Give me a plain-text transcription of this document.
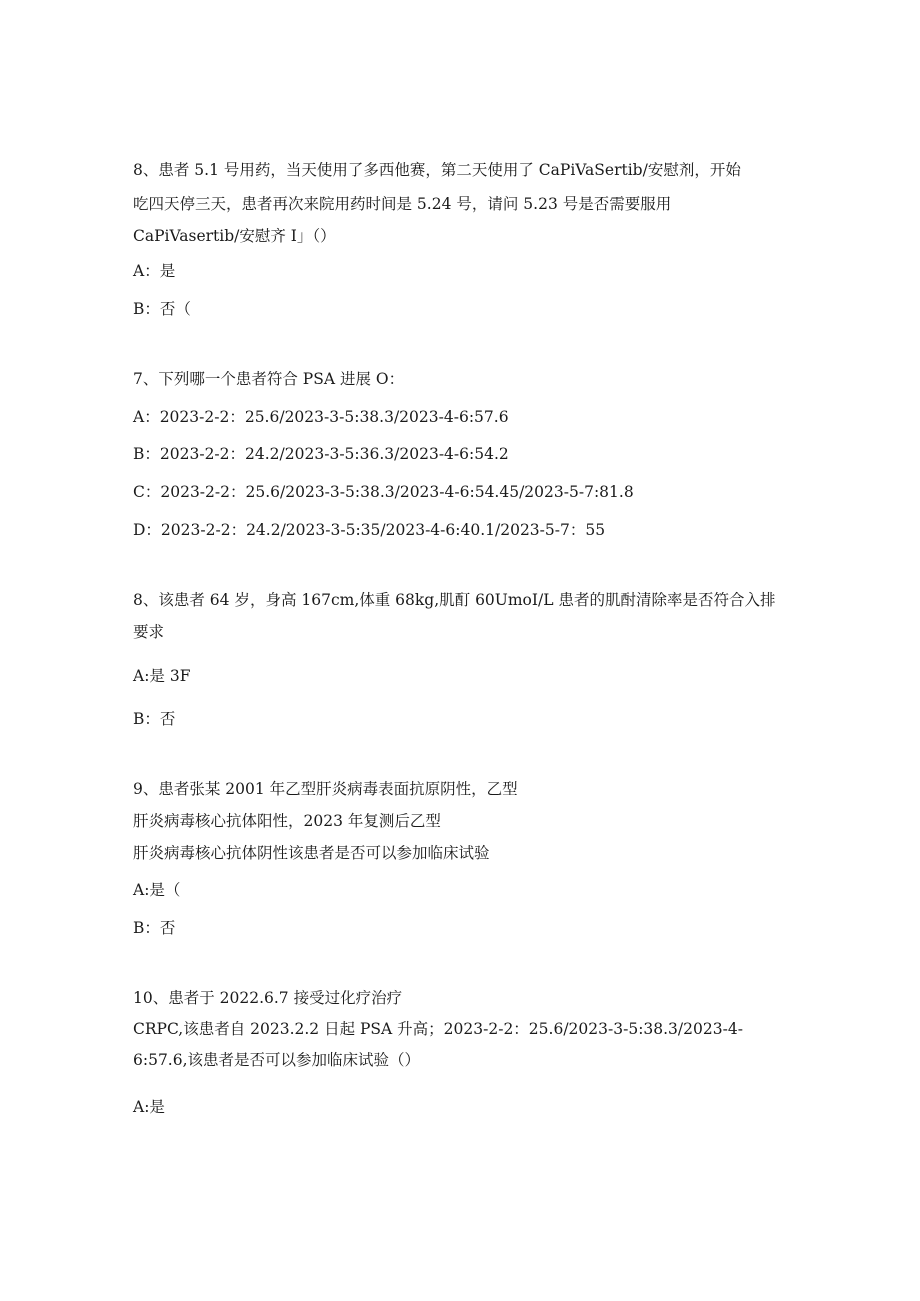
8、患者 5.1 号用药，当天使用了多西他赛，第二天使用了 CaPiVaSertib/安慰剂，开始
吃四天停三天，患者再次来院用药时间是 5.24 号，请问 5.23 号是否需要服用
CaPiVasertib/安慰齐 I」（）
A：是
B：否（
7、下列哪一个患者符合 PSA 进展 O：
A：2023-2-2：25.6/2023-3-5:38.3/2023-4-6:57.6
B：2023-2-2：24.2/2023-3-5:36.3/2023-4-6:54.2
C：2023-2-2：25.6/2023-3-5:38.3/2023-4-6:54.45/2023-5-7:81.8
D：2023-2-2：24.2/2023-3-5:35/2023-4-6:40.1/2023-5-7：55
8、该患者 64 岁，身高 167cm,体重 68kg,肌酊 60UmoI/L 患者的肌酎清除率是否符合入排
要求
A:是 3F
B：否
9、患者张某 2001 年乙型肝炎病毒表面抗原阴性，乙型
肝炎病毒核心抗体阳性，2023 年复测后乙型
肝炎病毒核心抗体阴性该患者是否可以参加临床试验
A:是（
B：否
10、患者于 2022.6.7 接受过化疗治疗
CRPC,该患者自 2023.2.2 日起 PSA 升高；2023-2-2：25.6/2023-3-5:38.3/2023-4-
6:57.6,该患者是否可以参加临床试验（）
A:是
